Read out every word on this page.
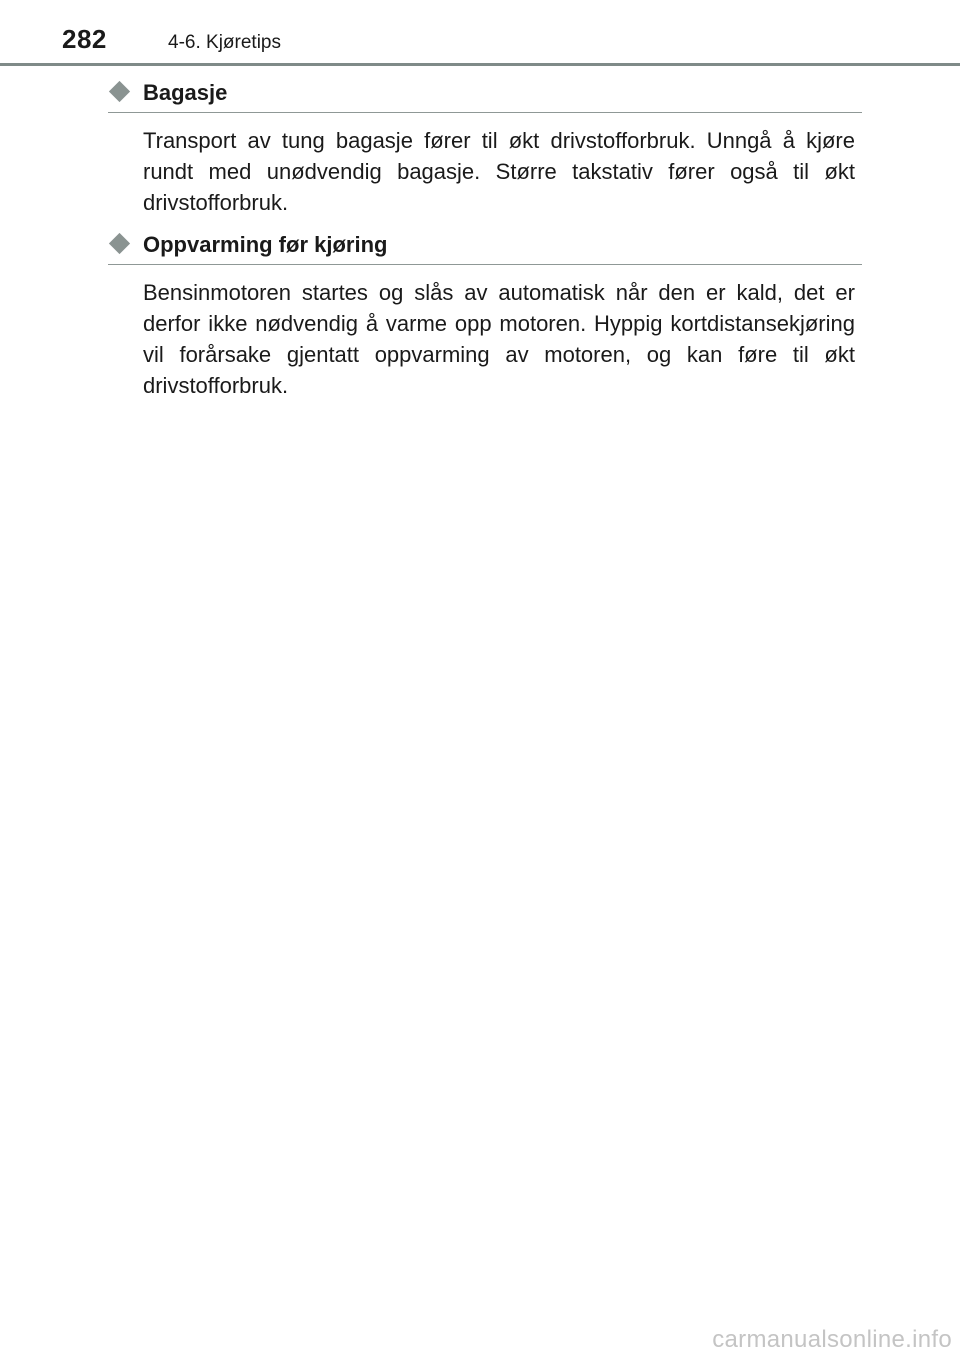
282	4-6. Kjøretips
Bagasje
Transport av tung bagasje fører til økt drivstofforbruk. Unngå å kjøre rundt med unødvendig bagasje. Større takstativ fører også til økt drivstofforbruk.
Oppvarming før kjøring
Bensinmotoren startes og slås av automatisk når den er kald, det er derfor ikke nødvendig å varme opp motoren. Hyppig kortdistansekjøring vil forårsake gjentatt oppvarming av motoren, og kan føre til økt drivstofforbruk.
carmanualsonline.info
